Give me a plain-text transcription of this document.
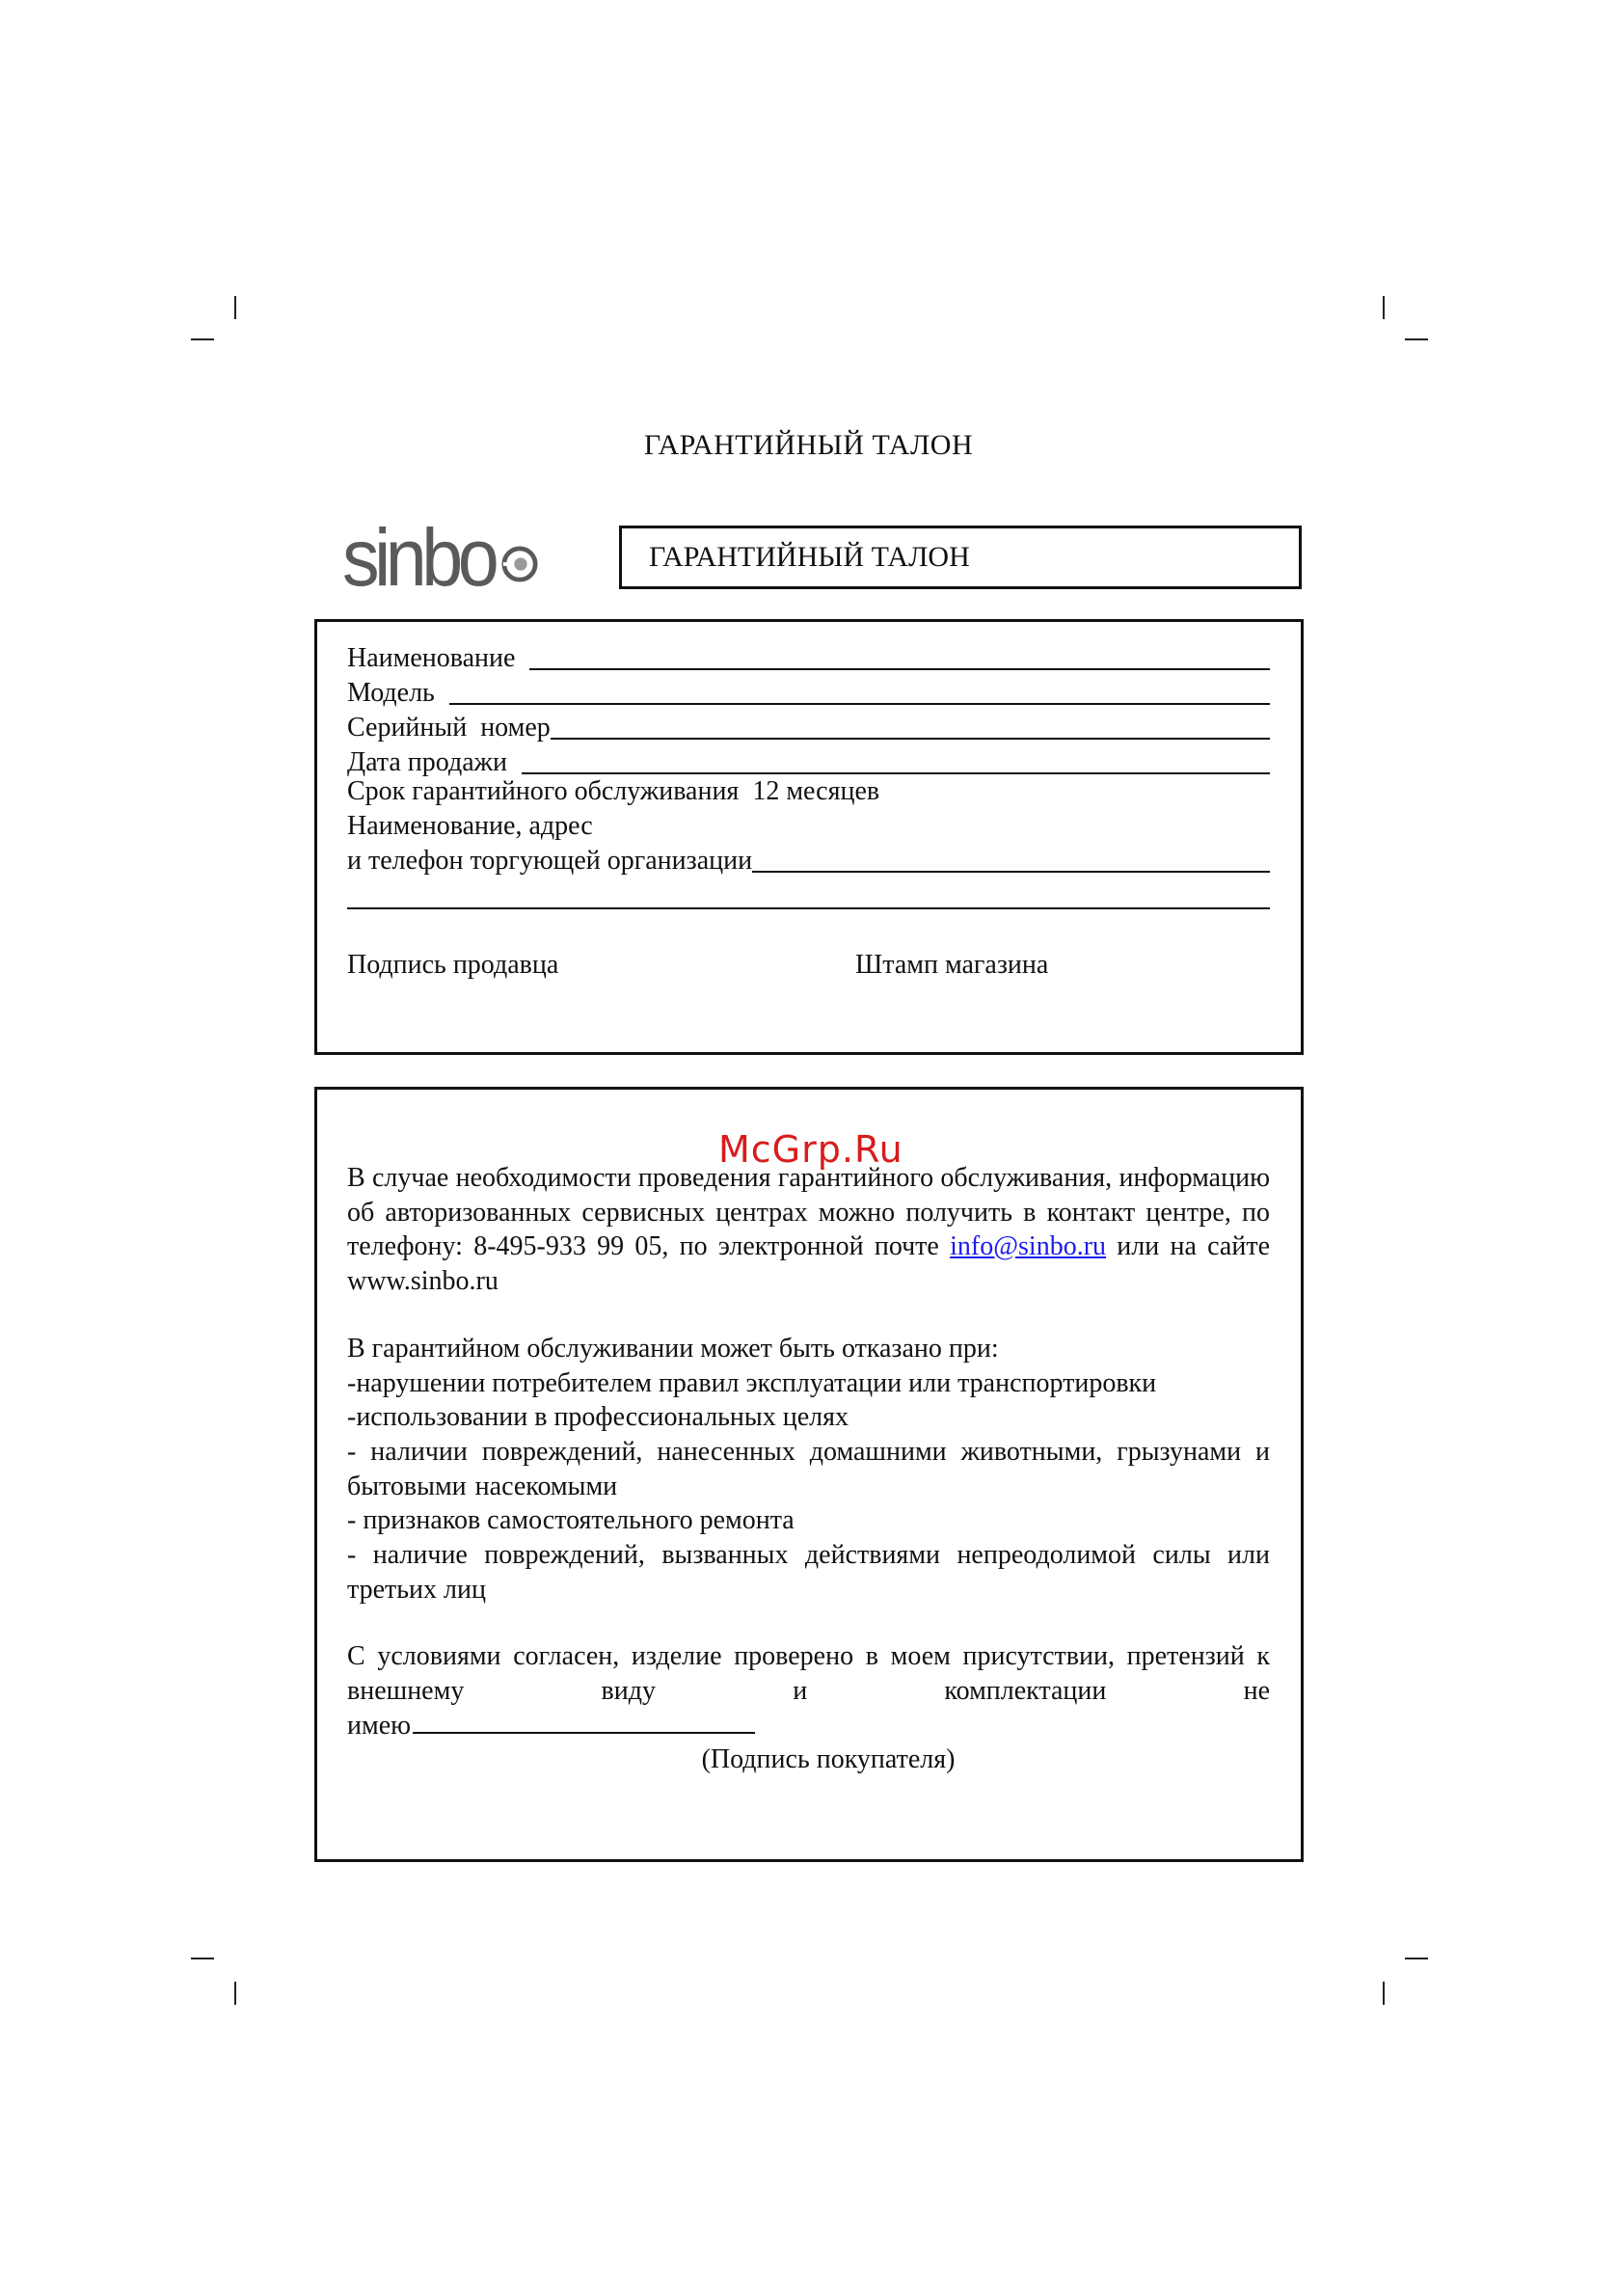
ГАРАНТИЙНЫЙ ТАЛОН
sinbo	ГАРАНТИЙНЫЙ ТАЛОН
Наименование
Модель
Серийный  номер
Дата продажи
Срок гарантийного обслуживания  12 месяцев
Наименование, адрес
и телефон торгующей организации
Подпись продавца	Штамп магазина
В случае необходимости проведения гарантийного обслуживания, информацию об авторизованных сервисных центрах можно получить в контакт центре, по телефону: 8-495-933 99 05, по электронной почте info@sinbo.ru или на сайте www.sinbo.ru
В гарантийном обслуживании может быть отказано при:
-нарушении потребителем правил эксплуатации или транспортировки
-использовании в профессиональных целях
- наличии повреждений, нанесенных домашними животными, грызунами и бытовыми насекомыми
- признаков самостоятельного ремонта
- наличие повреждений, вызванных действиями непреодолимой силы или третьих лиц
С условиями согласен, изделие проверено в моем присутствии, претензий к внешнему виду и комплектации не
имею
(Подпись покупателя)
McGrp.Ru
